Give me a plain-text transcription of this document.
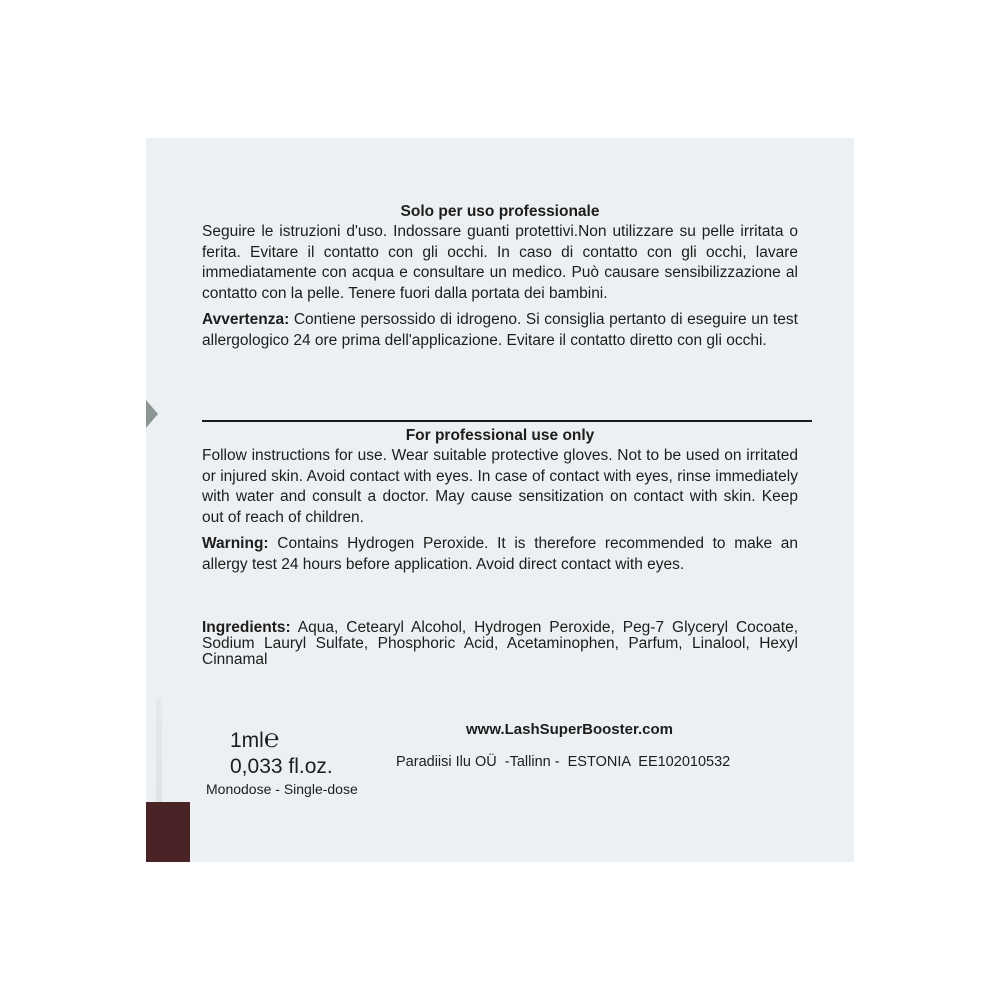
Solo per uso professionale

Seguire le istruzioni d'uso. Indossare guanti protettivi.Non utilizzare su pelle irritata o ferita. Evitare il contatto con gli occhi. In caso di contatto con gli occhi, lavare immediatamente con acqua e consultare un medico. Può causare sensibilizzazione al contatto con la pelle. Tenere fuori dalla portata dei bambini.

Avvertenza: Contiene persossido di idrogeno. Si consiglia pertanto di eseguire un test allergologico 24 ore prima dell'applicazione. Evitare il contatto diretto con gli occhi.

For professional use only

Follow instructions for use. Wear suitable protective gloves. Not to be used on irritated or injured skin. Avoid contact with eyes. In case of contact with eyes, rinse immediately with water and consult a doctor. May cause sensitization on contact with skin. Keep out of reach of children.

Warning: Contains Hydrogen Peroxide. It is therefore recommended to make an allergy test 24 hours before application. Avoid direct contact with eyes.

Ingredients: Aqua, Cetearyl Alcohol, Hydrogen Peroxide, Peg-7 Glyceryl Cocoate, Sodium Lauryl Sulfate, Phosphoric Acid, Acetaminophen, Parfum, Linalool, Hexyl Cinnamal

1ml℮
0,033 fl.oz.
Monodose - Single-dose
www.LashSuperBooster.com
Paradiisi Ilu OÜ  -Tallinn -  ESTONIA  EE102010532
